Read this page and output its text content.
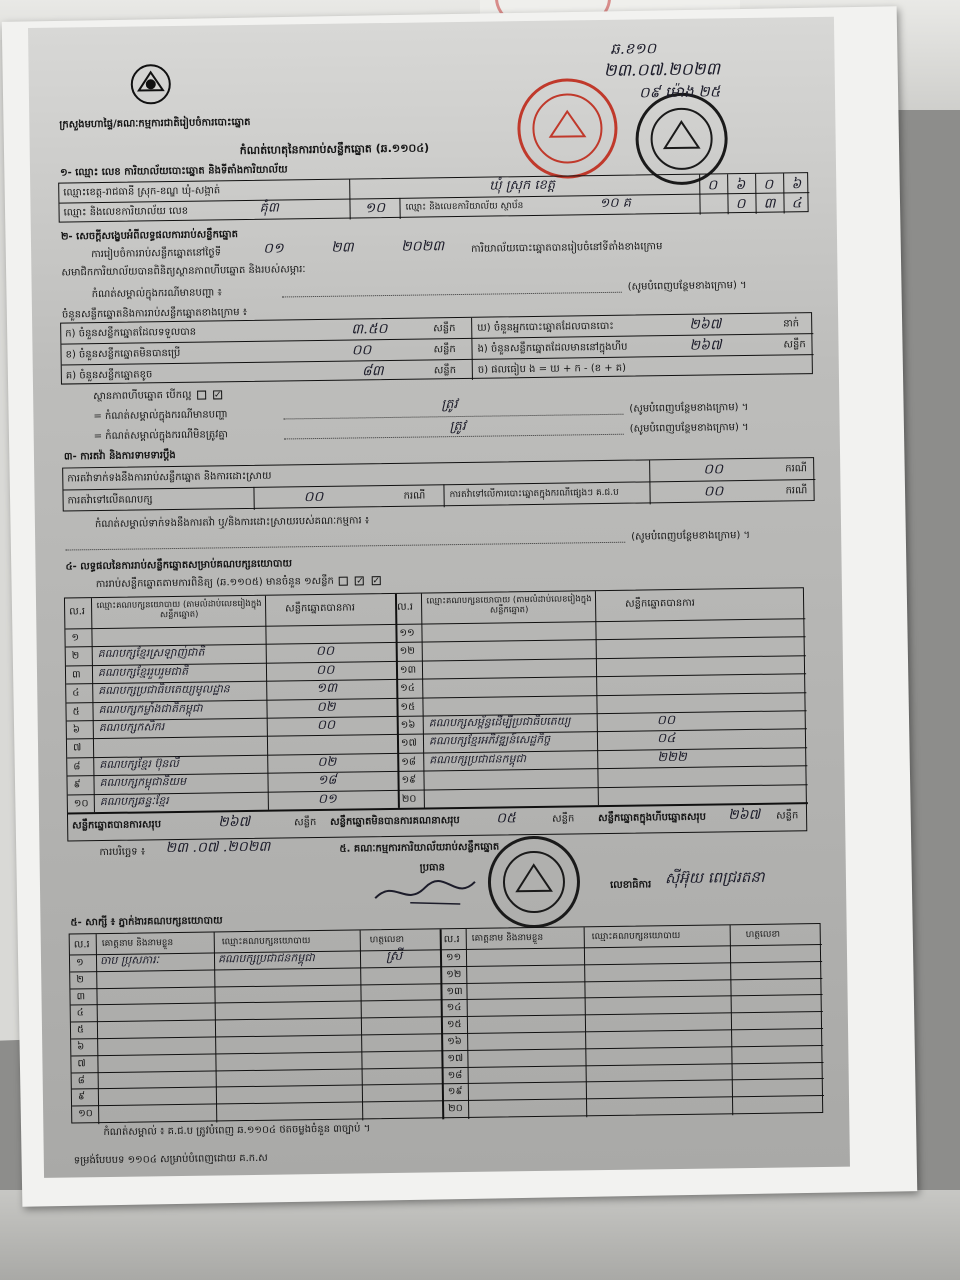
ក្រសួងមហាផ្ទៃ/គណៈកម្មការជាតិរៀបចំការបោះឆ្នោត
ឆ.ខ១០
២៣.០៧.២០២៣
០៩ ម៉ោង ២៥
កំណត់ហេតុនៃការរាប់សន្លឹកឆ្នោត (ឆ.១១០៤)
១- ឈ្មោះ លេខ ការិយាល័យបោះឆ្នោត និងទីតាំងការិយាល័យ
ឈ្មោះខេត្ត-រាជធានី ស្រុក-ខណ្ឌ ឃុំ-សង្កាត់	ឃុំ ស្រុក ខេត្ត	០ ៦ ០ ៦
ឈ្មោះ និងលេខការិយាល័យ លេខ	គុំ៣	១០ ឈ្មោះ និងលេខការិយាល័យ ស្ថាប័ន	១០ គ	០ ៣ ៤
២- សេចក្តីសង្ខេបអំពីលទ្ធផលការរាប់សន្លឹកឆ្នោត
ការរៀបចំការរាប់សន្លឹកឆ្នោតនៅថ្ងៃទី	០១	២៣	២០២៣	ការិយាល័យបោះឆ្នោតបានរៀបចំនៅទីតាំងខាងក្រោម
សមាជិកការិយាល័យបានពិនិត្យស្ថានភាពហីបឆ្នោត និងរបស់សម្ភារៈ
កំណត់សម្គាល់ក្នុងករណីមានបញ្ហា ៖
(សូមបំពេញបន្ថែមខាងក្រោម) ។
ចំនួនសន្លឹកឆ្នោតនិងការរាប់សន្លឹកឆ្នោតខាងក្រោម ៖
ក) ចំនួនសន្លឹកឆ្នោតដែលទទួលបាន	៣.៥០	សន្លឹក
ខ) ចំនួនសន្លឹកឆ្នោតមិនបានប្រើ	០០	សន្លឹក
គ) ចំនួនសន្លឹកឆ្នោតខូច	៨៣	សន្លឹក
ឃ) ចំនួនអ្នកបោះឆ្នោតដែលបានបោះ	២៦៧	នាក់
ង) ចំនួនសន្លឹកឆ្នោតដែលមាននៅក្នុងហីប	២៦៧	សន្លឹក
ច) ផលធៀប ង = ឃ + ក - (ខ + គ)
ស្ថានភាពហីបឆ្នោត បើកល្អ ✓
= កំណត់សម្គាល់ក្នុងករណីមានបញ្ហា
ត្រូវ	(សូមបំពេញបន្ថែមខាងក្រោម) ។
= កំណត់សម្គាល់ក្នុងករណីមិនត្រូវគ្នា
ត្រូវ	(សូមបំពេញបន្ថែមខាងក្រោម) ។
៣- ការតវ៉ា និងការទាមទារប្តឹង
ការតវ៉ាទាក់ទងនឹងការរាប់សន្លឹកឆ្នោត និងការដោះស្រាយ	០០	ករណី
ការតវ៉ាទៅលើគណបក្ស	០០	ករណី	ការតវ៉ាទៅលើការបោះឆ្នោតក្នុងករណីផ្សេងៗ គ.ជ.ប	០០	ករណី
កំណត់សម្គាល់ទាក់ទងនឹងការតវ៉ា ឬ/និងការដោះស្រាយរបស់គណៈកម្មការ ៖
(សូមបំពេញបន្ថែមខាងក្រោម) ។
៤- លទ្ធផលនៃការរាប់សន្លឹកឆ្នោតសម្រាប់គណបក្សនយោបាយ
ការរាប់សន្លឹកឆ្នោតតាមការពិនិត្យ (ឆ.១១០៥) មានចំនួន ១សន្លឹក ✓ ✓
ល.រ
ឈ្មោះគណបក្សនយោបាយ (តាមលំដាប់លេខរៀងក្នុងសន្លឹកឆ្នោត)
សន្លឹកឆ្នោតបានការ	ល.រ
ឈ្មោះគណបក្សនយោបាយ (តាមលំដាប់លេខរៀងក្នុងសន្លឹកឆ្នោត)
សន្លឹកឆ្នោតបានការ
១
២ គណបក្សខ្មែរស្រឡាញ់ជាតិ	០០
៣ គណបក្សខ្មែររួបរួមជាតិ	០០
៤ គណបក្សប្រជាធិបតេយ្យមូលដ្ឋាន	១៣
៥ គណបក្សកម្លាំងជាតិកម្ពុជា	០២
៦ គណបក្សកសិករ	០០
៧
៨ គណបក្សខ្មែរ ប៊ុនលី	០២
៩ គណបក្សកម្ពុជានិយម	១៨
១០ គណបក្សឆន្ទៈខ្មែរ	០១
១១
១២
១៣
១៤
១៥
១៦ គណបក្សសម្ព័ន្ធដើម្បីប្រជាធិបតេយ្យ	០០
១៧ គណបក្សខ្មែរអភិវឌ្ឍន៍សេដ្ឋកិច្ច	០៤
១៨ គណបក្សប្រជាជនកម្ពុជា	២២២
១៩
២០
សន្លឹកឆ្នោតបានការសរុប	២៦៧	សន្លឹក សន្លឹកឆ្នោតមិនបានការគណនាសរុប	០៥	សន្លឹក សន្លឹកឆ្នោតក្នុងហីបឆ្នោតសរុប ២៦៧ សន្លឹក
ការបរិច្ឆេទ ៖ ២៣ .០៧ .២០២៣	៥. គណៈកម្មការការិយាល័យរាប់សន្លឹកឆ្នោត
ប្រធាន
លេខាធិការ ស៊ីអ៊ុយ ពេជ្ររតនា
៥- សាក្សី ៖ ភ្នាក់ងារគណបក្សនយោបាយ
ល.រ គោត្តនាម និងនាមខ្លួន	ឈ្មោះគណបក្សនយោបាយ	ហត្ថលេខា	ល.រ គោត្តនាម និងនាមខ្លួន	ឈ្មោះគណបក្សនយោបាយ	ហត្ថលេខា
១ ចាប ប្រុសភារៈ	គណបក្សប្រជាជនកម្ពុជា	ស្រី
២
៣
៤
៥
៦
៧
៨
៩
១០
១១
១២
១៣
១៤
១៥
១៦
១៧
១៨
១៩
២០
កំណត់សម្គាល់ ៖ គ.ជ.ប ត្រូវបំពេញ ឆ.១១០៤ ថតចម្លងចំនួន ៣ច្បាប់ ។
ទម្រង់បែបបទ ១១០៤ សម្រាប់បំពេញដោយ គ.ក.ស
